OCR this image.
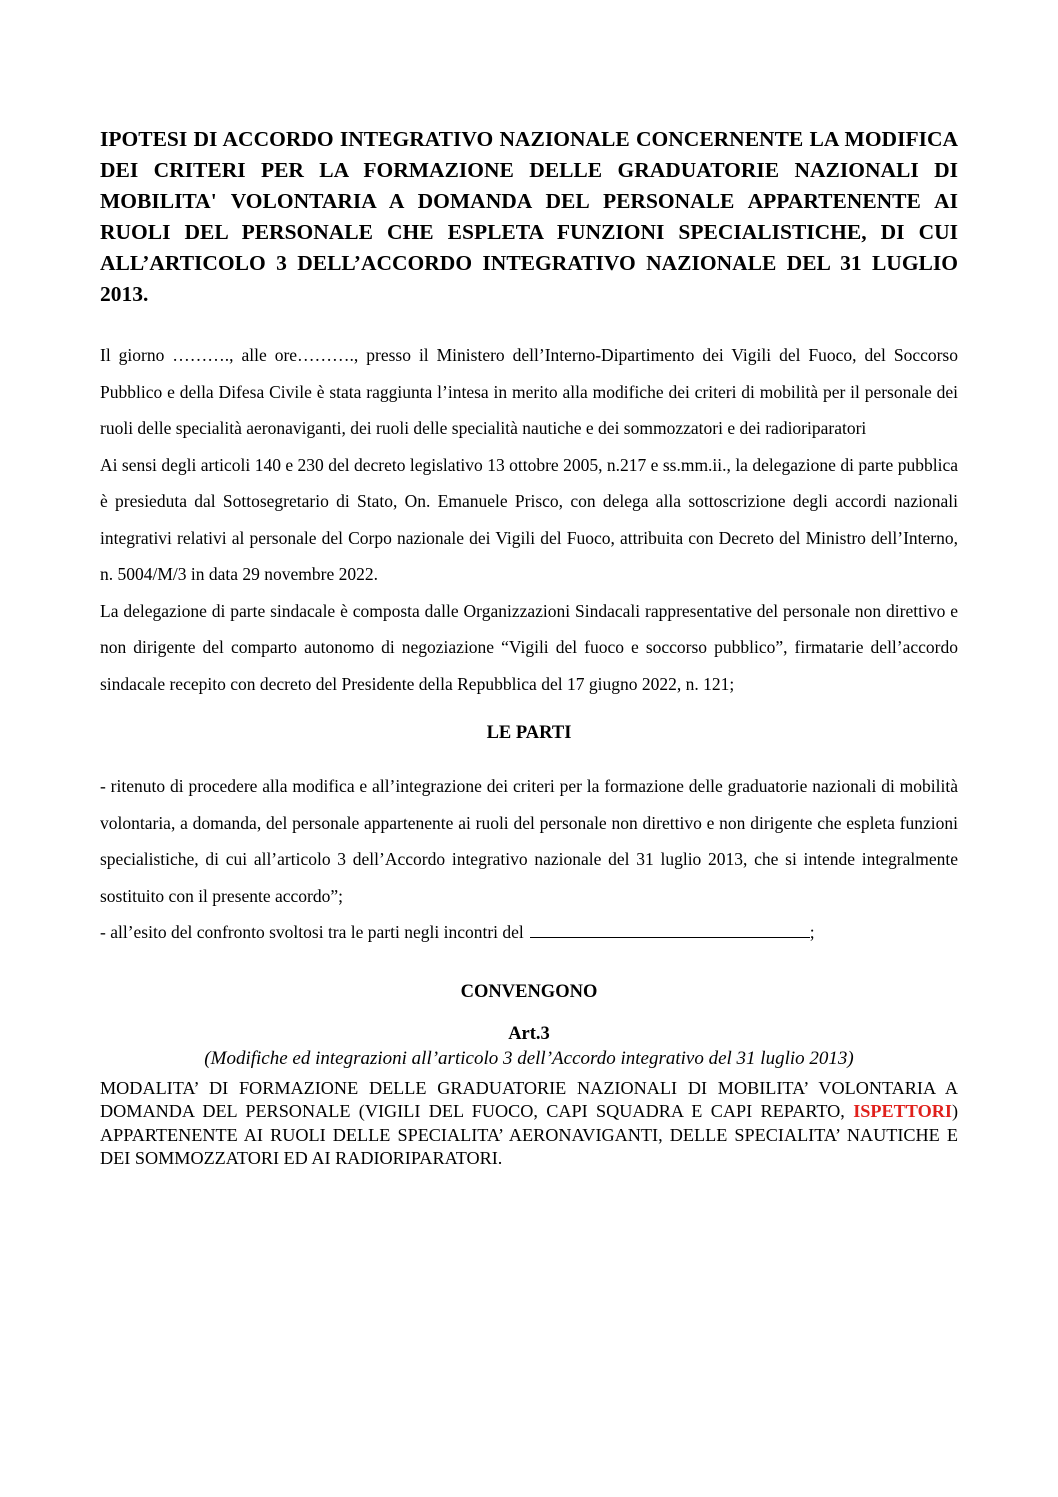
IPOTESI DI ACCORDO INTEGRATIVO NAZIONALE CONCERNENTE LA MODIFICA DEI CRITERI PER LA FORMAZIONE DELLE GRADUATORIE NAZIONALI DI MOBILITA' VOLONTARIA A DOMANDA DEL PERSONALE APPARTENENTE AI RUOLI DEL PERSONALE CHE ESPLETA FUNZIONI SPECIALISTICHE, DI CUI ALL’ARTICOLO 3 DELL’ACCORDO INTEGRATIVO NAZIONALE DEL 31 LUGLIO 2013.

Il giorno ………., alle ore………., presso il Ministero dell’Interno-Dipartimento dei Vigili del Fuoco, del Soccorso Pubblico e della Difesa Civile è stata raggiunta l’intesa in merito alla modifiche dei criteri di mobilità per il personale dei ruoli delle specialità aeronaviganti, dei ruoli delle specialità nautiche e dei sommozzatori e dei radioriparatori

Ai sensi degli articoli 140 e 230 del decreto legislativo 13 ottobre 2005, n.217 e ss.mm.ii., la delegazione di parte pubblica è presieduta dal Sottosegretario di Stato, On. Emanuele Prisco, con delega alla sottoscrizione degli accordi nazionali integrativi relativi al personale del Corpo nazionale dei Vigili del Fuoco, attribuita con Decreto del Ministro dell’Interno, n. 5004/M/3 in data 29 novembre 2022.

La delegazione di parte sindacale è composta dalle Organizzazioni Sindacali rappresentative del personale non direttivo e non dirigente del comparto autonomo di negoziazione “Vigili del fuoco e soccorso pubblico”, firmatarie dell’accordo sindacale recepito con decreto del Presidente della Repubblica del 17 giugno 2022, n. 121;

LE PARTI

- ritenuto di procedere alla modifica e all’integrazione dei criteri per la formazione delle graduatorie nazionali di mobilità volontaria, a domanda, del personale appartenente ai ruoli del personale non direttivo e non dirigente che espleta funzioni specialistiche, di cui all’articolo 3 dell’Accordo integrativo nazionale del 31 luglio 2013, che si intende integralmente sostituito con il presente accordo”;

- all’esito del confronto svoltosi tra le parti negli incontri del	;

CONVENGONO
Art.3

(Modifiche ed integrazioni all’articolo 3 dell’Accordo integrativo del 31 luglio 2013)

MODALITA’ DI FORMAZIONE DELLE GRADUATORIE NAZIONALI DI MOBILITA’ VOLONTARIA A DOMANDA DEL PERSONALE (VIGILI DEL FUOCO, CAPI SQUADRA E CAPI REPARTO, ISPETTORI) APPARTENENTE AI RUOLI DELLE SPECIALITA’ AERONAVIGANTI, DELLE SPECIALITA’ NAUTICHE E DEI SOMMOZZATORI ED AI RADIORIPARATORI.
